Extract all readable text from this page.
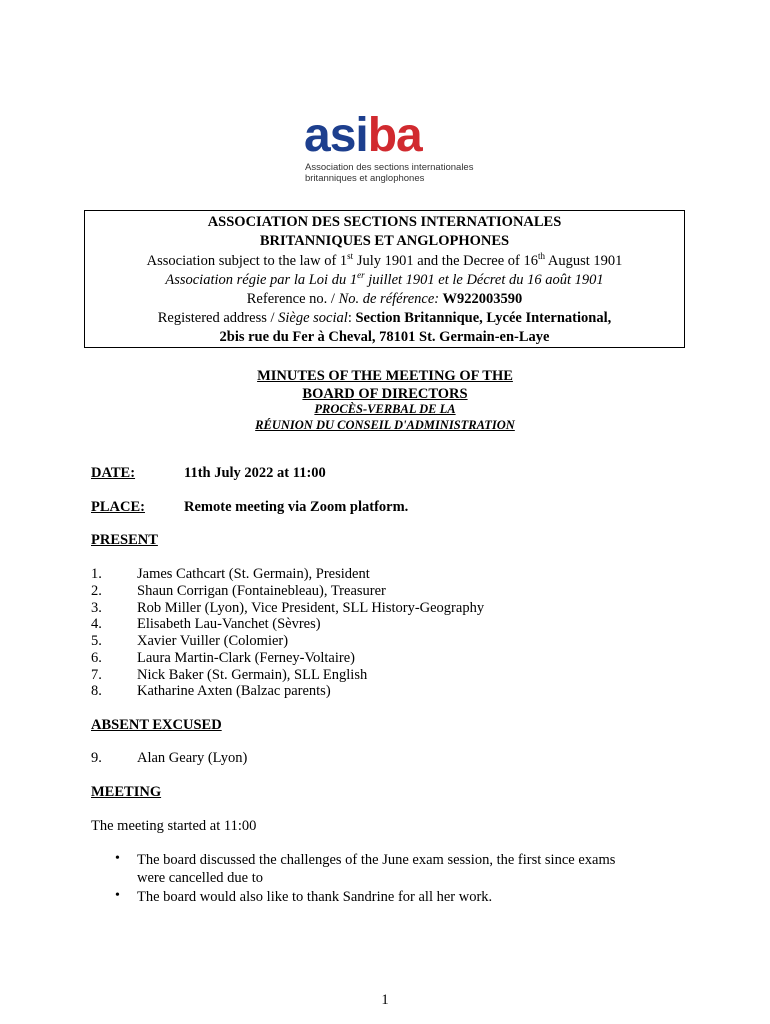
asiba
Association des sections internationales
britanniques et anglophones
ASSOCIATION DES SECTIONS INTERNATIONALES
BRITANNIQUES ET ANGLOPHONES
Association subject to the law of 1st July 1901 and the Decree of 16th August 1901
Association régie par la Loi du 1er juillet 1901 et le Décret du 16 août 1901
Reference no. / No. de référence: W922003590
Registered address / Siège social: Section Britannique, Lycée International,
2bis rue du Fer à Cheval, 78101 St. Germain-en-Laye
MINUTES OF THE MEETING OF THE
BOARD OF DIRECTORS
PROCÈS-VERBAL DE LA
RÉUNION DU CONSEIL D'ADMINISTRATION
DATE:	11th July 2022 at 11:00
PLACE:	Remote meeting via Zoom platform.
PRESENT
1.	James Cathcart (St. Germain), President
2.	Shaun Corrigan (Fontainebleau), Treasurer
3.	Rob Miller (Lyon), Vice President, SLL History-Geography
4.	Elisabeth Lau-Vanchet (Sèvres)
5.	Xavier Vuiller (Colomier)
6.	Laura Martin-Clark (Ferney-Voltaire)
7.	Nick Baker (St. Germain), SLL English
8.	Katharine Axten (Balzac parents)
ABSENT EXCUSED
9.	Alan Geary (Lyon)
MEETING
The meeting started at 11:00
• The board discussed the challenges of the June exam session, the first since exams
were cancelled due to
• The board would also like to thank Sandrine for all her work.
1
